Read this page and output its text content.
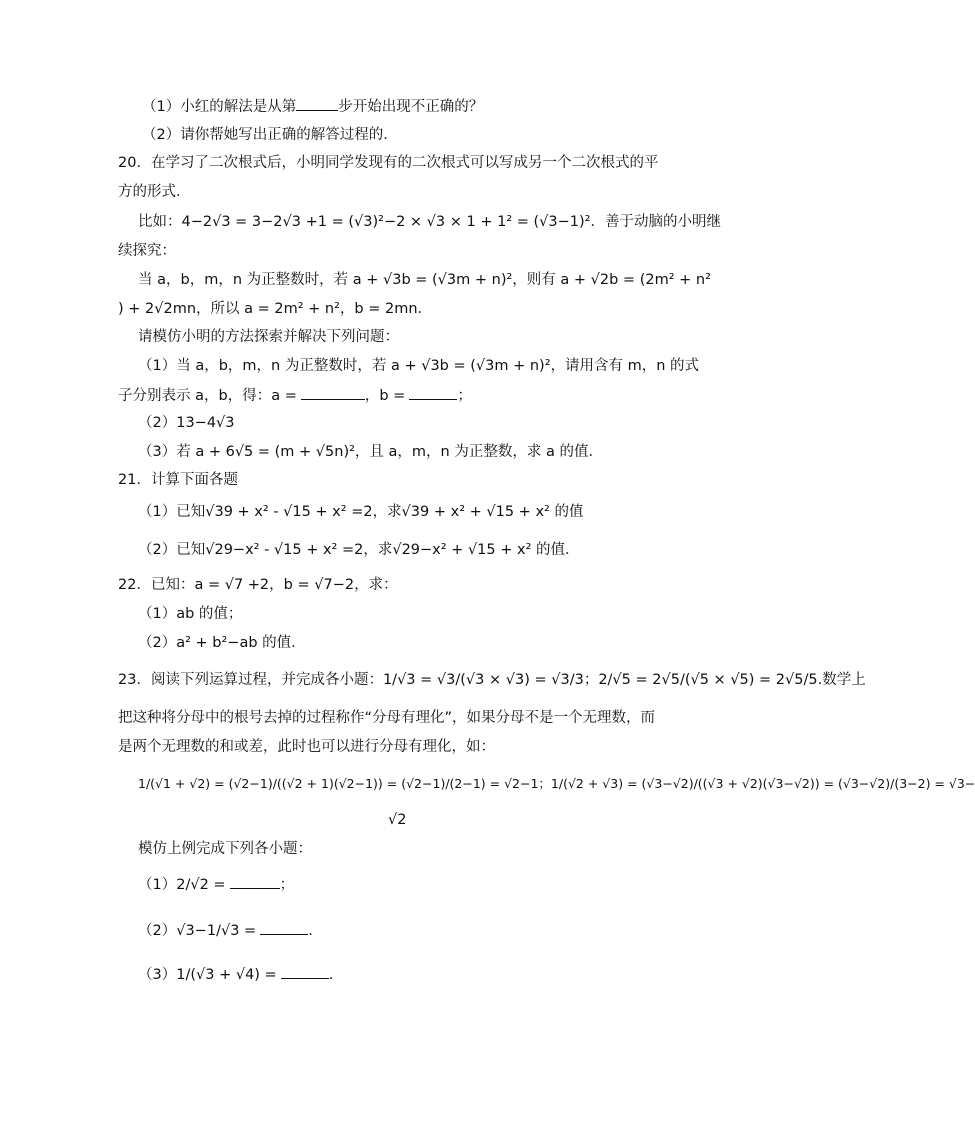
（1）小红的解法是从第	步开始出现不正确的？
（2）请你帮她写出正确的解答过程的．
20．在学习了二次根式后，小明同学发现有的二次根式可以写成另一个二次根式的平
方的形式．
比如：4−2√3 = 3−2√3 +1 = (√3)²−2 × √3 × 1 + 1² = (√3−1)²．善于动脑的小明继
续探究：
当 a，b，m，n 为正整数时，若 a + √3b = (√3m + n)²，则有 a + √2b = (2m² + n²
) + 2√2mn，所以 a = 2m² + n²，b = 2mn．
请模仿小明的方法探索并解决下列问题：
（1）当 a，b，m，n 为正整数时，若 a + √3b = (√3m + n)²，请用含有 m，n 的式
子分别表示 a，b，得：a =	，b =	；
（2）13−4√3
（3）若 a + 6√5 = (m + √5n)²，且 a，m，n 为正整数，求 a 的值．
21．计算下面各题
（1）已知√39 + x² - √15 + x² =2，求√39 + x² + √15 + x² 的值
（2）已知√29−x² - √15 + x² =2，求√29−x² + √15 + x² 的值．
22．已知：a = √7 +2，b = √7−2，求：
（1）ab 的值；
（2）a² + b²−ab 的值．
23．阅读下列运算过程，并完成各小题：1/√3 = √3/(√3 × √3) = √3/3；2/√5 = 2√5/(√5 × √5) = 2√5/5.数学上
把这种将分母中的根号去掉的过程称作“分母有理化”，如果分母不是一个无理数，而
是两个无理数的和或差，此时也可以进行分母有理化，如：
1/(√1 + √2) = (√2−1)/((√2 + 1)(√2−1)) = (√2−1)/(2−1) = √2−1；1/(√2 + √3) = (√3−√2)/((√3 + √2)(√3−√2)) = (√3−√2)/(3−2) = √3−
√2
模仿上例完成下列各小题：
（1）2/√2 =	；
（2）√3−1/√3 =	.
（3）1/(√3 + √4) =	.
